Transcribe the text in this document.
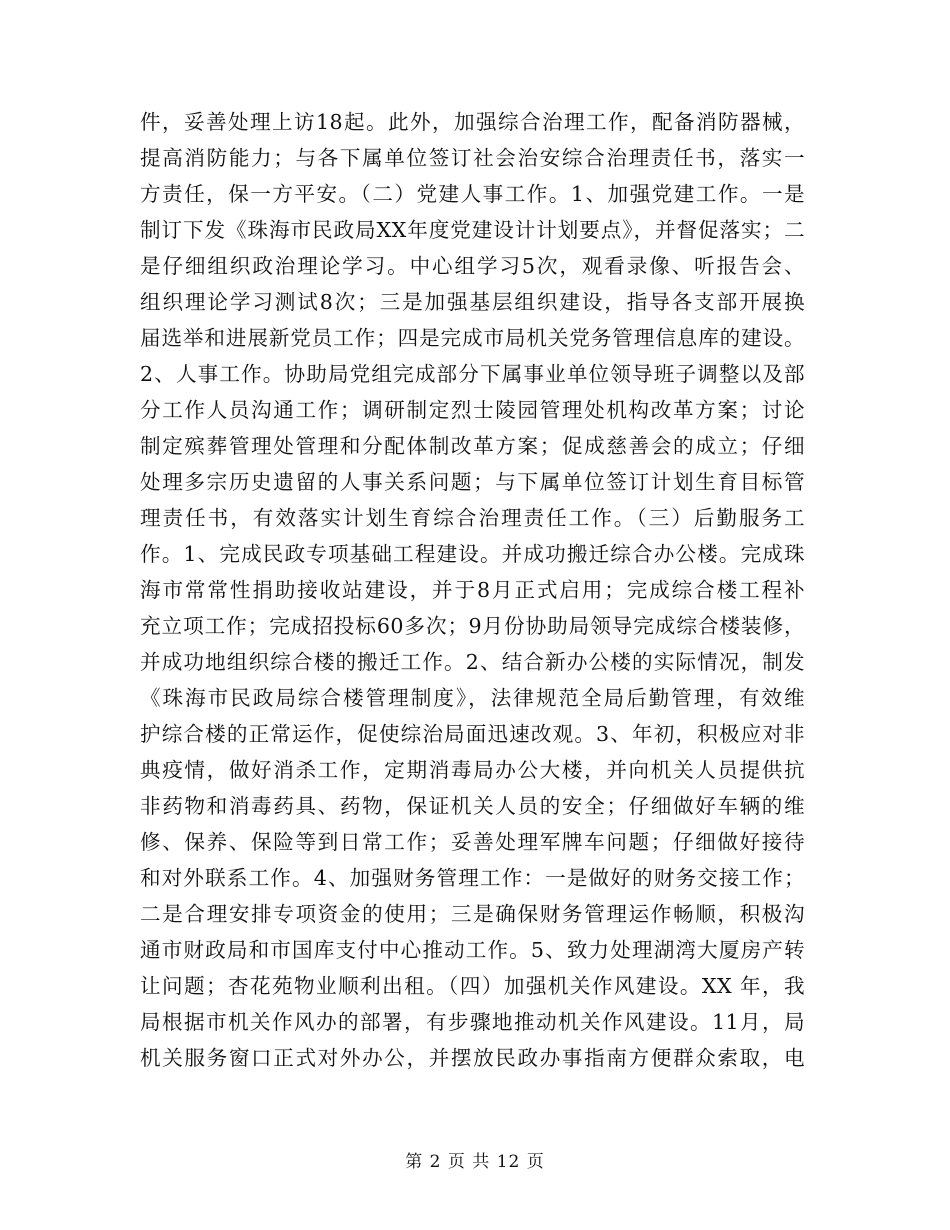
件，妥善处理上访18起。此外，加强综合治理工作，配备消防器械，
提高消防能力；与各下属单位签订社会治安综合治理责任书，落实一
方责任，保一方平安。（二）党建人事工作。1、加强党建工作。一是
制订下发《珠海市民政局XX年度党建设计计划要点》，并督促落实；二
是仔细组织政治理论学习。中心组学习5次，观看录像、听报告会、
组织理论学习测试8次；三是加强基层组织建设，指导各支部开展换
届选举和进展新党员工作；四是完成市局机关党务管理信息库的建设。
2、人事工作。协助局党组完成部分下属事业单位领导班子调整以及部
分工作人员沟通工作；调研制定烈士陵园管理处机构改革方案；讨论
制定殡葬管理处管理和分配体制改革方案；促成慈善会的成立；仔细
处理多宗历史遗留的人事关系问题；与下属单位签订计划生育目标管
理责任书，有效落实计划生育综合治理责任工作。（三）后勤服务工
作。1、完成民政专项基础工程建设。并成功搬迁综合办公楼。完成珠
海市常常性捐助接收站建设，并于8月正式启用；完成综合楼工程补
充立项工作；完成招投标60多次；9月份协助局领导完成综合楼装修，
并成功地组织综合楼的搬迁工作。2、结合新办公楼的实际情况，制发
《珠海市民政局综合楼管理制度》，法律规范全局后勤管理，有效维
护综合楼的正常运作，促使综治局面迅速改观。3、年初，积极应对非
典疫情，做好消杀工作，定期消毒局办公大楼，并向机关人员提供抗
非药物和消毒药具、药物，保证机关人员的安全；仔细做好车辆的维
修、保养、保险等到日常工作；妥善处理军牌车问题；仔细做好接待
和对外联系工作。4、加强财务管理工作：一是做好的财务交接工作；
二是合理安排专项资金的使用；三是确保财务管理运作畅顺，积极沟
通市财政局和市国库支付中心推动工作。5、致力处理湖湾大厦房产转
让问题；杏花苑物业顺利出租。（四）加强机关作风建设。XX 年，我
局根据市机关作风办的部署，有步骤地推动机关作风建设。11月，局
机关服务窗口正式对外办公，并摆放民政办事指南方便群众索取，电
第 2 页 共 12 页
